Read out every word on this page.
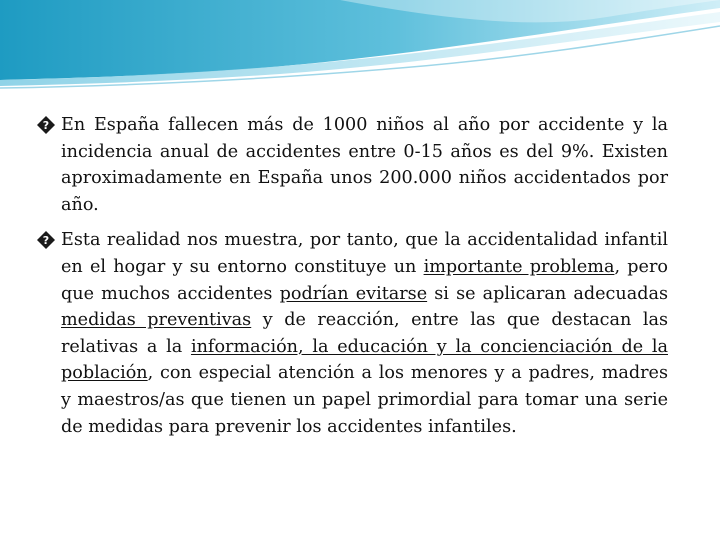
? En España fallecen más de 1000 niños al año por accidente y la incidencia anual de accidentes entre 0-15 años es del 9%. Existen aproximadamente en España unos 200.000 niños accidentados por año.
? Esta realidad nos muestra, por tanto, que la accidentalidad infantil en el hogar y su entorno constituye un importante problema, pero que muchos accidentes podrían evitarse si se aplicaran adecuadas medidas preventivas y de reacción, entre las que destacan las relativas a la información, la educación y la concienciación de la población, con especial atención a los menores y a padres, madres y maestros/as que tienen un papel primordial para tomar una serie de medidas para prevenir los accidentes infantiles.
